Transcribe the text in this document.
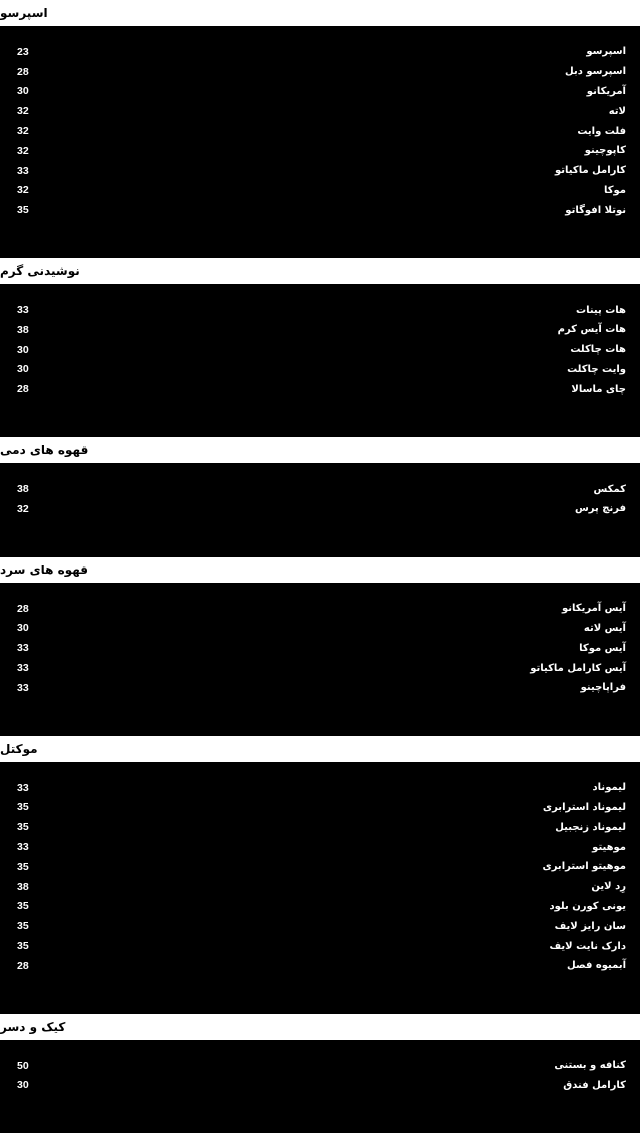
اسپرسو
23	اسپرسو
28	اسپرسو دبل
30	آمریکانو
32	لاته
32	فلت وایت
32	کاپوچینو
33	کارامل ماکیاتو
32	موکا
35	نوتلا افوگاتو
نوشیدنی گرم
33	هات پینات
38	هات آیس کرم
30	هات چاکلت
30	وایت چاکلت
28	چای ماسالا
قهوه های دمی
38	کمکس
32	فرنچ پرس
قهوه های سرد
28	آیس آمریکانو
30	آیس لاته
33	آیس موکا
33	آیس کارامل ماکیاتو
33	فراپاچینو
موکتل
33	لیموناد
35	لیموناد استرابری
35	لیموناد زنجبیل
33	موهیتو
35	موهیتو استرابری
38	رِد لاین
35	یونی کورن بلود
35	سان رایز لایف
35	دارک نایت لایف
28	آبمیوه فصل
کیک و دسر
50	کنافه و بستنی
30	کارامل فندق
